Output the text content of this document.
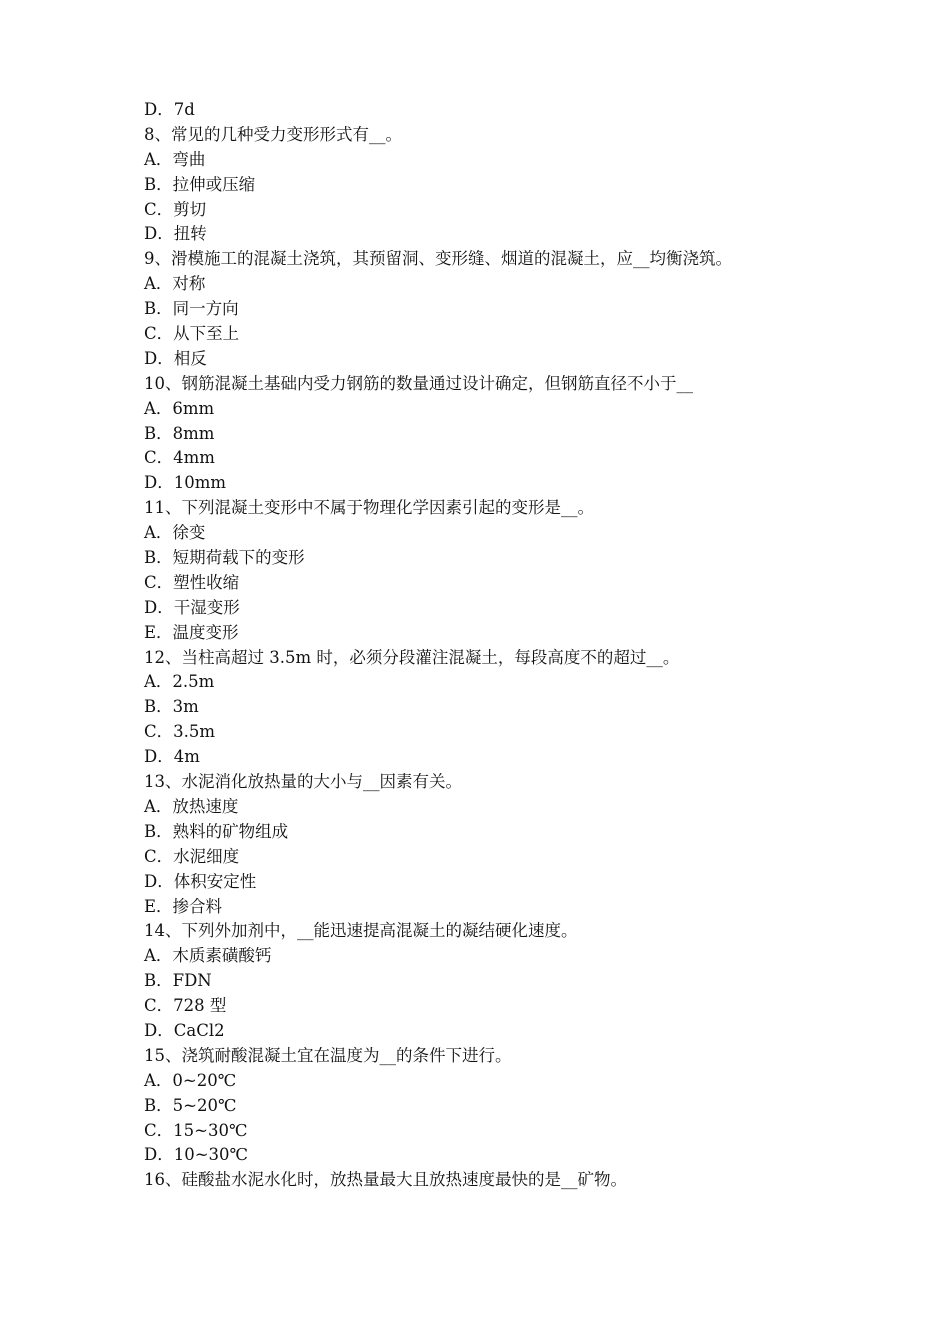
D．7d
8、常见的几种受力变形形式有__。
A．弯曲
B．拉伸或压缩
C．剪切
D．扭转
9、滑模施工的混凝土浇筑，其预留洞、变形缝、烟道的混凝土，应__均衡浇筑。
A．对称
B．同一方向
C．从下至上
D．相反
10、钢筋混凝土基础内受力钢筋的数量通过设计确定，但钢筋直径不小于__
A．6mm
B．8mm
C．4mm
D．10mm
11、下列混凝土变形中不属于物理化学因素引起的变形是__。
A．徐变
B．短期荷载下的变形
C．塑性收缩
D．干湿变形
E．温度变形
12、当柱高超过 3.5m 时，必须分段灌注混凝土，每段高度不的超过__。
A．2.5m
B．3m
C．3.5m
D．4m
13、水泥消化放热量的大小与__因素有关。
A．放热速度
B．熟料的矿物组成
C．水泥细度
D．体积安定性
E．掺合料
14、下列外加剂中，__能迅速提高混凝土的凝结硬化速度。
A．木质素磺酸钙
B．FDN
C．728 型
D．CaCl2
15、浇筑耐酸混凝土宜在温度为__的条件下进行。
A．0~20℃
B．5~20℃
C．15~30℃
D．10~30℃
16、硅酸盐水泥水化时，放热量最大且放热速度最快的是__矿物。
